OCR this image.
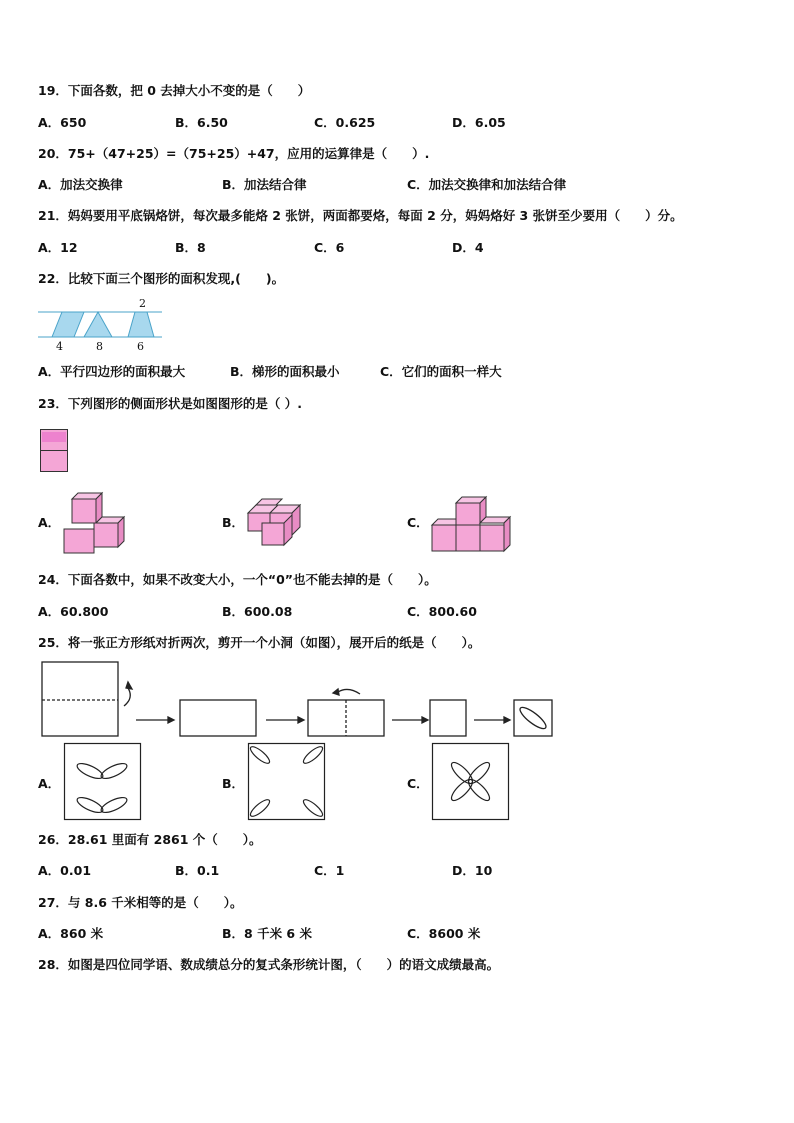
19．下面各数，把 0 去掉大小不变的是（　　）
A．650	B．6.50	C．0.625	D．6.05
20．75+（47+25）=（75+25）+47，应用的运算律是（　　）.
A．加法交换律	B．加法结合律	C．加法交换律和加法结合律
21．妈妈要用平底锅烙饼，每次最多能烙 2 张饼，两面都要烙，每面 2 分，妈妈烙好 3 张饼至少要用（　　）分。
A．12	B．8	C．6	D．4
22．比较下面三个图形的面积发现,(　　)。
2
4	8	6
A．平行四边形的面积最大	B．梯形的面积最小	C．它们的面积一样大
23．下列图形的侧面形状是如图图形的是（ ）.
A．	B．	C．
24．下面各数中，如果不改变大小，一个“0”也不能去掉的是（　　）。
A．60.800	B．600.08	C．800.60
25．将一张正方形纸对折两次，剪开一个小洞（如图），展开后的纸是（　　）。
A．	B．	C．
26．28.61 里面有 2861 个（　　）。
A．0.01	B．0.1	C．1	D．10
27．与 8.6 千米相等的是（　　）。
A．860 米	B．8 千米 6 米	C．8600 米
28．如图是四位同学语、数成绩总分的复式条形统计图，（　　）的语文成绩最高。
